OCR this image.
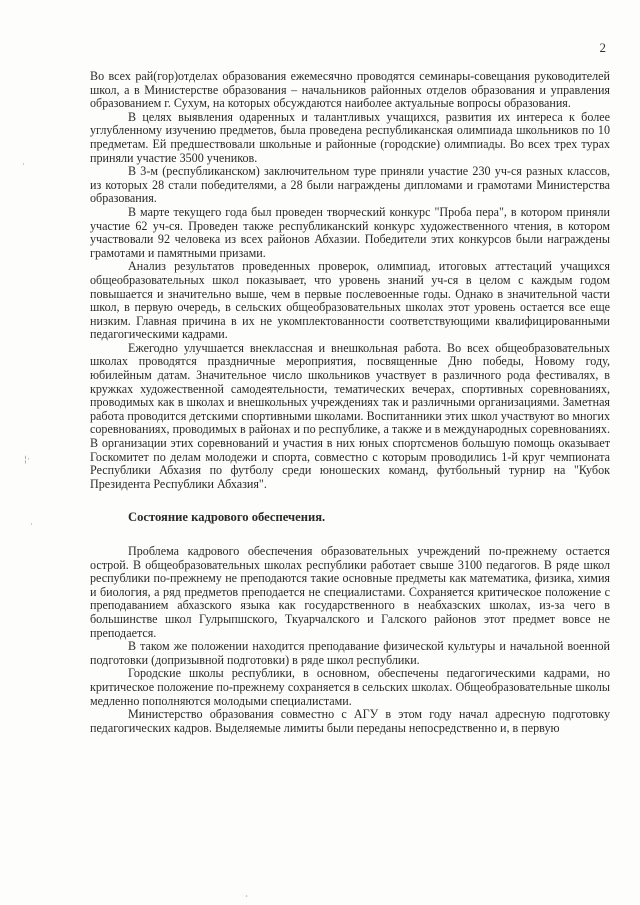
2
·
¦·
·

Во всех рай(гор)отделах образования ежемесячно проводятся семинары-совещания руководителей школ, а в Министерстве образования – начальников районных отделов образования и управления образованием г. Сухум, на которых обсуждаются наиболее актуальные вопросы образования.

В целях выявления одаренных и талантливых учащихся, развития их интереса к более углубленному изучению предметов, была проведена республиканская олимпиада школьников по 10 предметам. Ей предшествовали школьные и районные (городские) олимпиады. Во всех трех турах приняли участие 3500 учеников.

В 3-м (республиканском) заключительном туре приняли участие 230 уч-ся разных классов, из которых 28 стали победителями, а 28 были награждены дипломами и грамотами Министерства образования.

В марте текущего года был проведен творческий конкурс "Проба пера", в котором приняли участие 62 уч-ся. Проведен также республиканский конкурс художественного чтения, в котором участвовали 92 человека из всех районов Абхазии. Победители этих конкурсов были награждены грамотами и памятными призами.

Анализ результатов проведенных проверок, олимпиад, итоговых аттестаций учащихся общеобразовательных школ показывает, что уровень знаний уч-ся в целом с каждым годом повышается и значительно выше, чем в первые послевоенные годы. Однако в значительной части школ, в первую очередь, в сельских общеобразовательных школах этот уровень остается все еще низким. Главная причина в их не укомплектованности соответствующими квалифицированными педагогическими кадрами.

Ежегодно улучшается внеклассная и внешкольная работа. Во всех общеобразовательных школах проводятся праздничные мероприятия, посвященные Дню победы, Новому году, юбилейным датам. Значительное число школьников участвует в различного рода фестивалях, в кружках художественной самодеятельности, тематических вечерах, спортивных соревнованиях, проводимых как в школах и внешкольных учреждениях так и различными организациями. Заметная работа проводится детскими спортивными школами. Воспитанники этих школ участвуют во многих соревнованиях, проводимых в районах и по республике, а также и в международных соревнованиях. В организации этих соревнований и участия в них юных спортсменов большую помощь оказывает Госкомитет по делам молодежи и спорта, совместно с которым проводились 1-й круг чемпионата Республики Абхазия по футболу среди юношеских команд, футбольный турнир на "Кубок Президента Республики Абхазия".

Состояние кадрового обеспечения.

Проблема кадрового обеспечения образовательных учреждений по-прежнему остается острой. В общеобразовательных школах республики работает свыше 3100 педагогов. В ряде школ республики по-прежнему не преподаются такие основные предметы как математика, физика, химия и биология, а ряд предметов преподается не специалистами. Сохраняется критическое положение с преподаванием абхазского языка как государственного в неабхазских школах, из-за чего в большинстве школ Гулрыпшского, Ткуарчалского и Галского районов этот предмет вовсе не преподается.

В таком же положении находится преподавание физической культуры и начальной военной подготовки (допризывной подготовки) в ряде школ республики.

Городские школы республики, в основном, обеспечены педагогическими кадрами, но критическое положение по-прежнему сохраняется в сельских школах. Общеобразовательные школы медленно пополняются молодыми специалистами.

Министерство образования совместно с АГУ в этом году начал адресную подготовку педагогических кадров. Выделяемые лимиты были переданы непосредственно и, в первую

¸
